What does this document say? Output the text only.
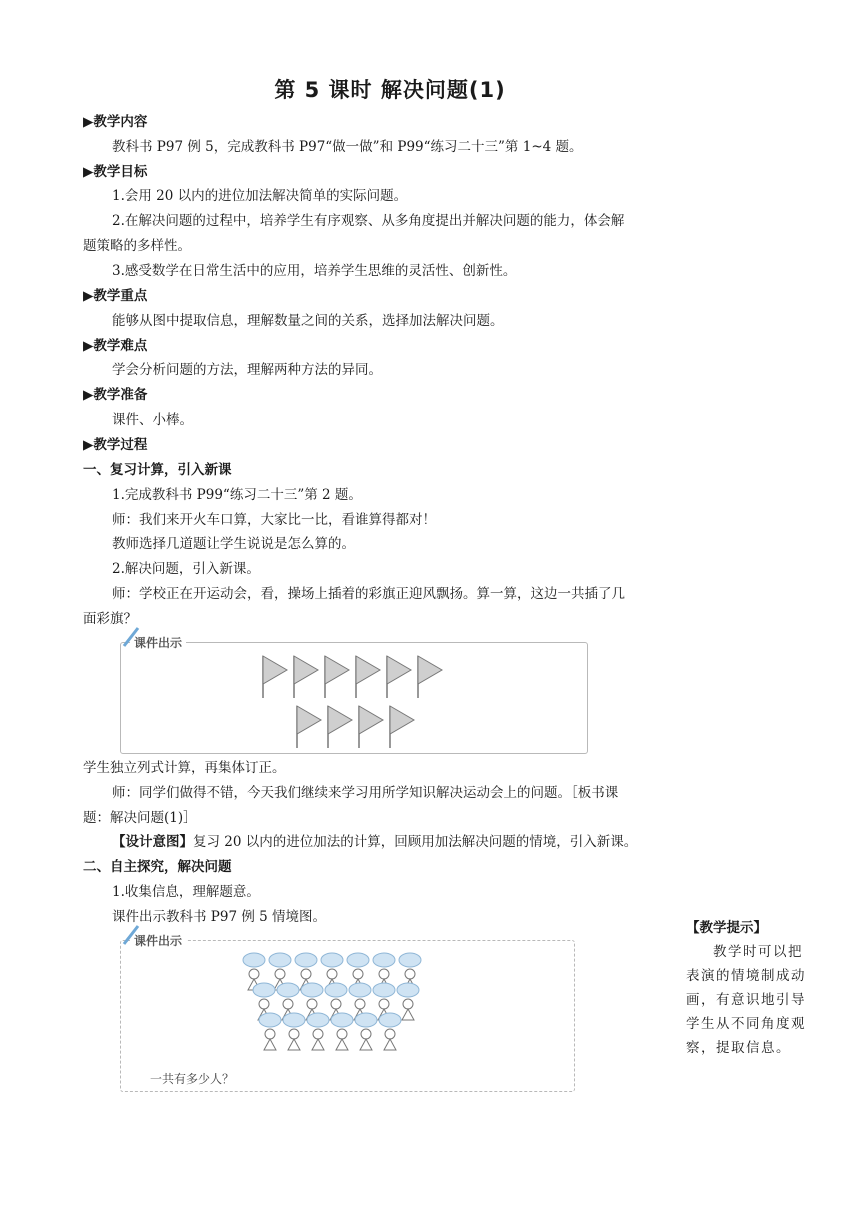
第 5 课时 解决问题(1)
▶教学内容
教科书 P97 例 5，完成教科书 P97“做一做”和 P99“练习二十三”第 1~4 题。
▶教学目标
1.会用 20 以内的进位加法解决简单的实际问题。
2.在解决问题的过程中，培养学生有序观察、从多角度提出并解决问题的能力，体会解
题策略的多样性。
3.感受数学在日常生活中的应用，培养学生思维的灵活性、创新性。
▶教学重点
能够从图中提取信息，理解数量之间的关系，选择加法解决问题。
▶教学难点
学会分析问题的方法，理解两种方法的异同。
▶教学准备
课件、小棒。
▶教学过程
一、复习计算，引入新课
1.完成教科书 P99“练习二十三”第 2 题。
师：我们来开火车口算，大家比一比，看谁算得都对！
教师选择几道题让学生说说是怎么算的。
2.解决问题，引入新课。
师：学校正在开运动会，看，操场上插着的彩旗正迎风飘扬。算一算，这边一共插了几
面彩旗？
课件出示
学生独立列式计算，再集体订正。
师：同学们做得不错，今天我们继续来学习用所学知识解决运动会上的问题。［板书课
题：解决问题(1)］
【设计意图】复习 20 以内的进位加法的计算，回顾用加法解决问题的情境，引入新课。
二、自主探究，解决问题
1.收集信息，理解题意。
课件出示教科书 P97 例 5 情境图。
课件出示
一共有多少人？
【教学提示】
教学时可以把表演的情境制成动画，有意识地引导学生从不同角度观察，提取信息。
